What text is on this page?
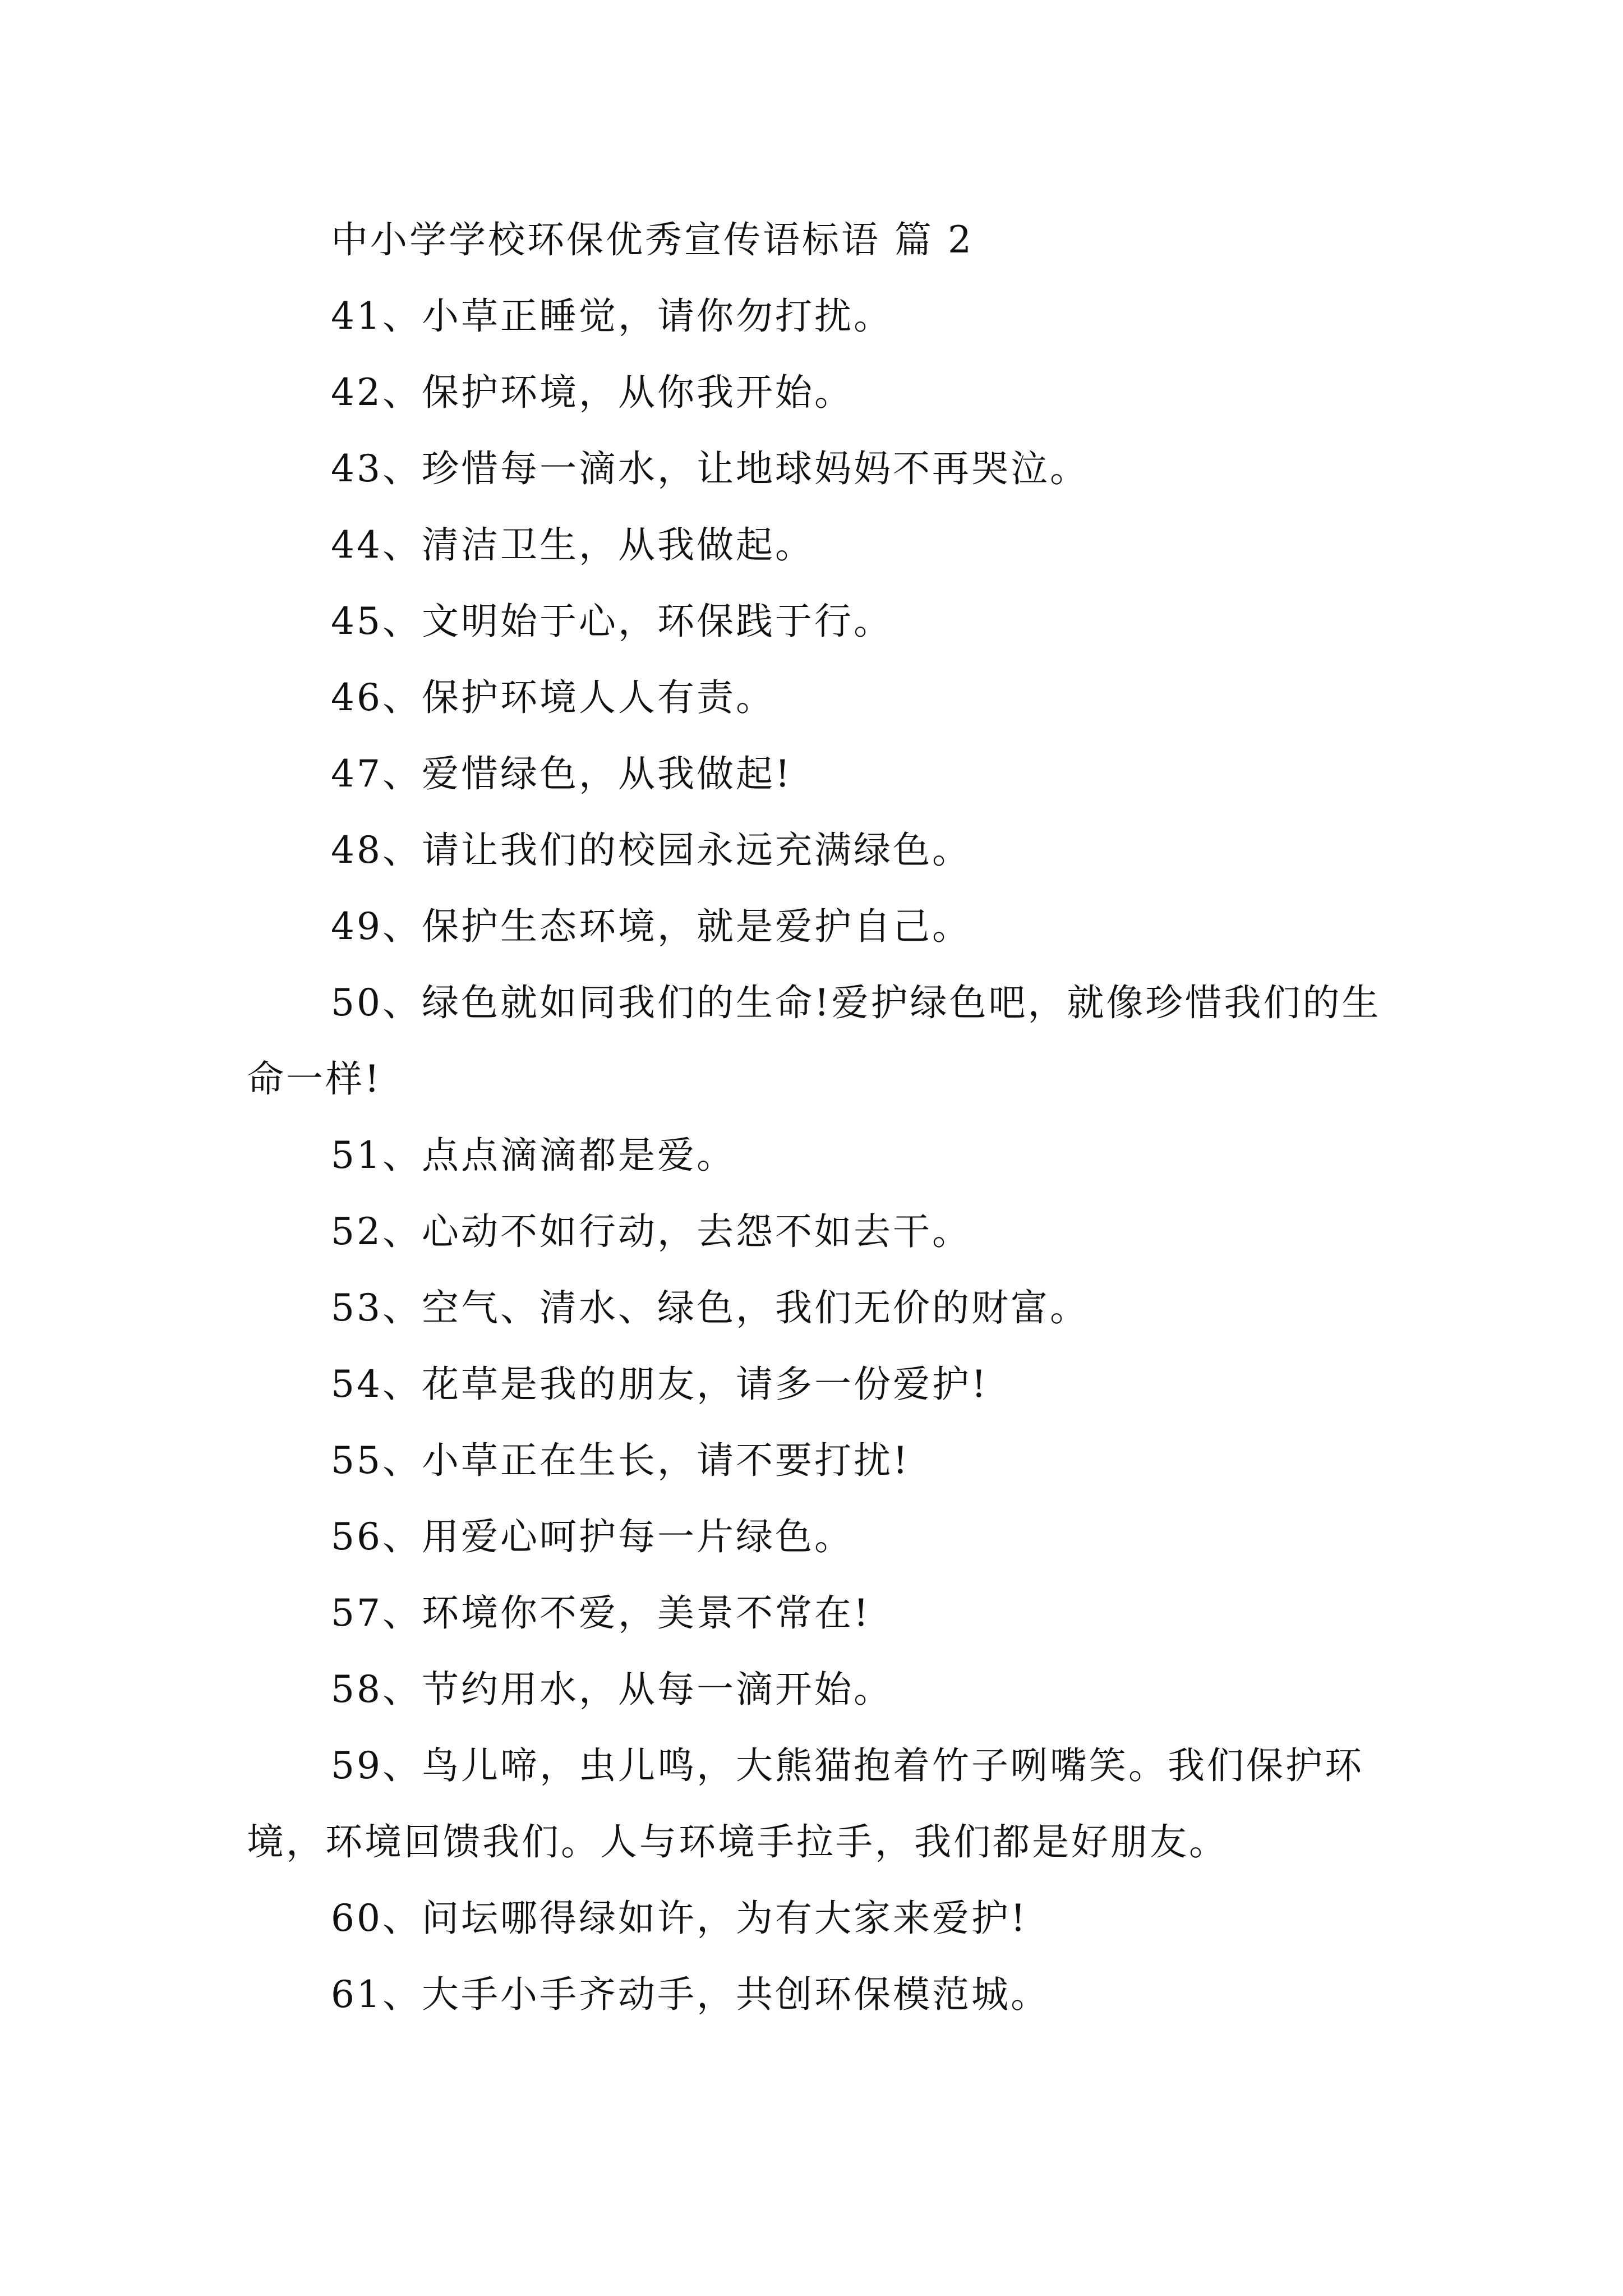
中小学学校环保优秀宣传语标语 篇 2
41、小草正睡觉，请你勿打扰。
42、保护环境，从你我开始。
43、珍惜每一滴水，让地球妈妈不再哭泣。
44、清洁卫生，从我做起。
45、文明始于心，环保践于行。
46、保护环境人人有责。
47、爱惜绿色，从我做起!
48、请让我们的校园永远充满绿色。
49、保护生态环境，就是爱护自己。
50、绿色就如同我们的生命!爱护绿色吧，就像珍惜我们的生命一样!
51、点点滴滴都是爱。
52、心动不如行动，去怨不如去干。
53、空气、清水、绿色，我们无价的财富。
54、花草是我的朋友，请多一份爱护!
55、小草正在生长，请不要打扰!
56、用爱心呵护每一片绿色。
57、环境你不爱，美景不常在!
58、节约用水，从每一滴开始。
59、鸟儿啼，虫儿鸣，大熊猫抱着竹子咧嘴笑。我们保护环境，环境回馈我们。人与环境手拉手，我们都是好朋友。
60、问坛哪得绿如许，为有大家来爱护!
61、大手小手齐动手，共创环保模范城。
